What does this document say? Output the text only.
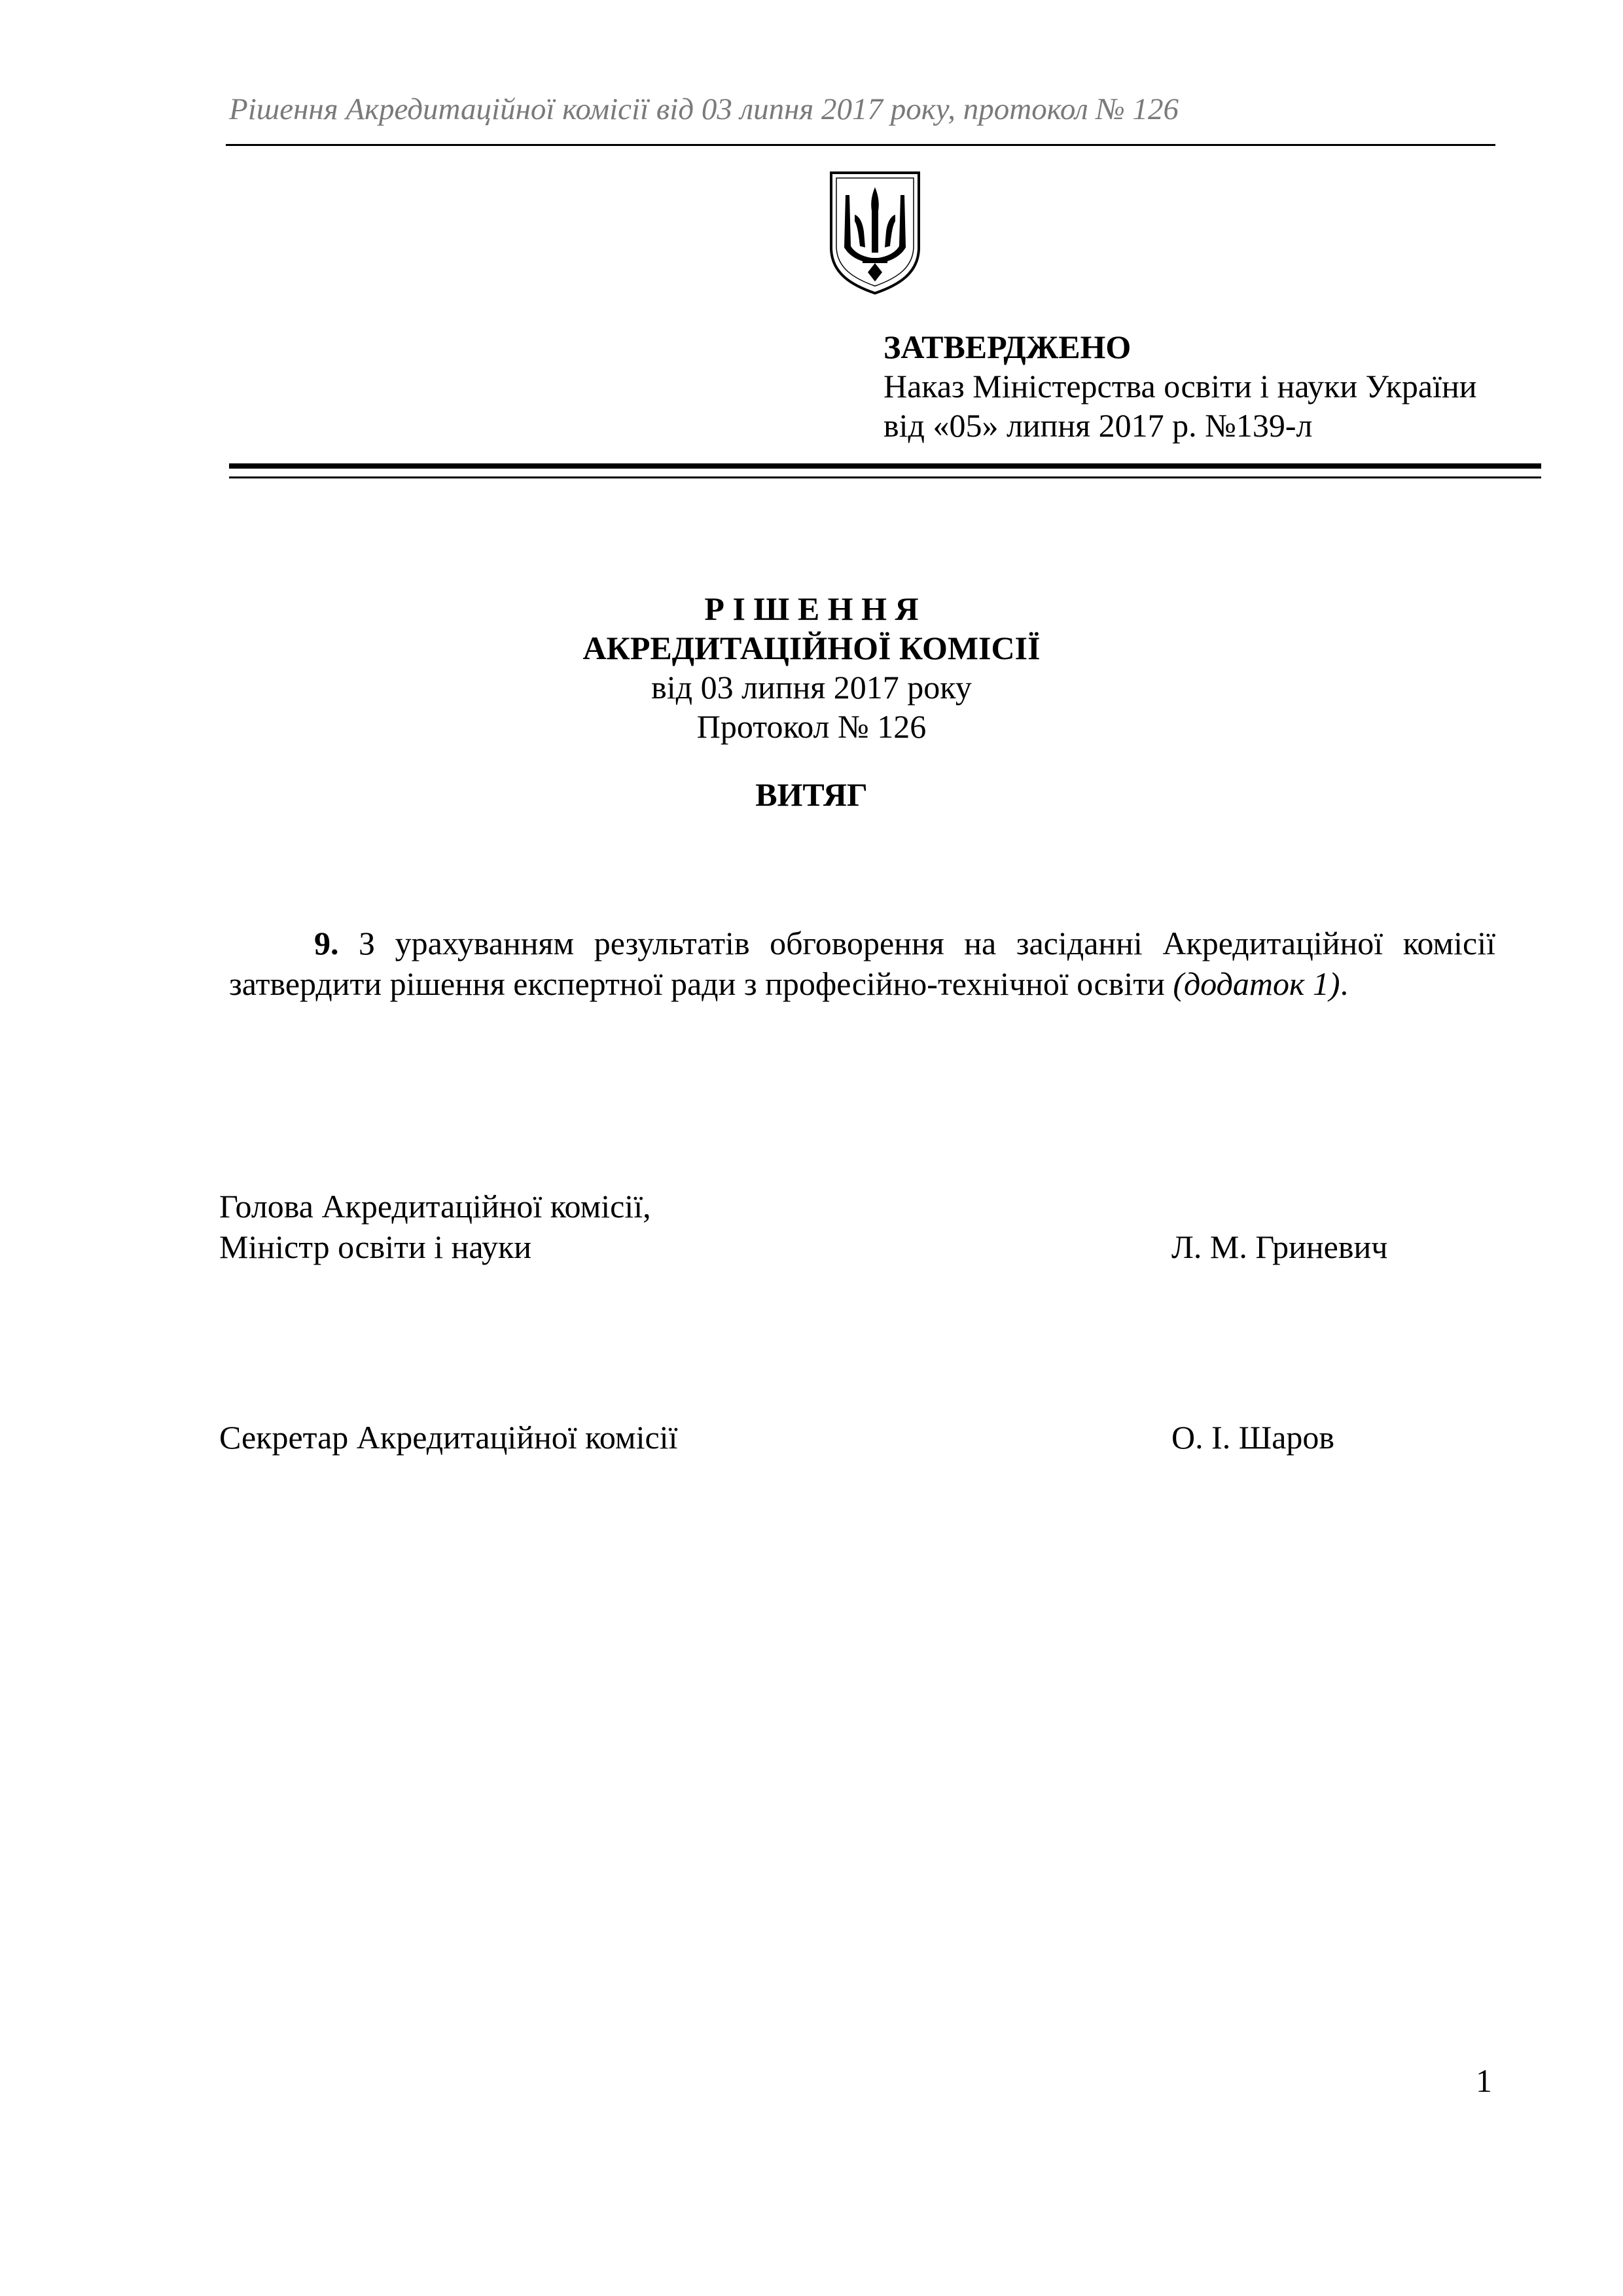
Рішення Акредитаційної комісії від 03 липня 2017 року, протокол № 126
ЗАТВЕРДЖЕНО
Наказ Міністерства освіти і науки України
від «05» липня 2017 р. №139-л
Р І Ш Е Н Н Я
АКРЕДИТАЦІЙНОЇ КОМІСІЇ
від 03 липня 2017 року
Протокол № 126
ВИТЯГ
9. З урахуванням результатів обговорення на засіданні Акредитаційної комісії затвердити рішення експертної ради з професійно-технічної освіти (додаток 1).
Голова Акредитаційної комісії,
Міністр освіти і науки	Л. М. Гриневич
Секретар Акредитаційної комісії	О. І. Шаров
1
